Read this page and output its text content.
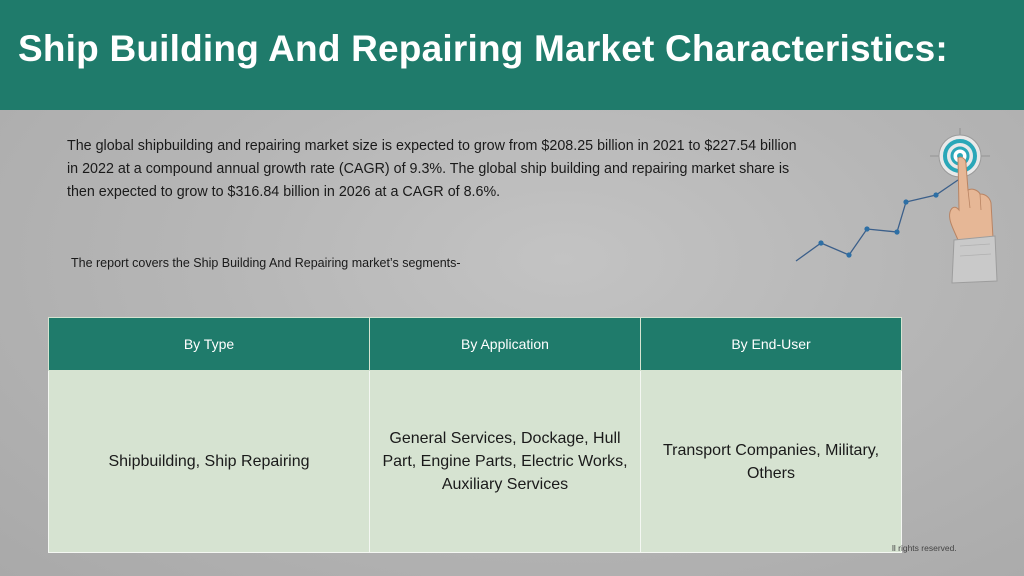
Ship Building And Repairing Market Characteristics:

The global shipbuilding and repairing market size is expected to grow from $208.25 billion in 2021 to $227.54 billion in 2022 at a compound annual growth rate (CAGR) of 9.3%. The global ship building and repairing market share is then expected to grow to $316.84 billion in 2026 at a CAGR of 8.6%.

The report covers the Ship Building And Repairing market’s segments-

By Type	By Application	By End-User
Shipbuilding, Ship Repairing	General Services, Dockage, Hull Part, Engine Parts, Electric Works, Auxiliary Services	Transport Companies, Military, Others
ll rights reserved.
